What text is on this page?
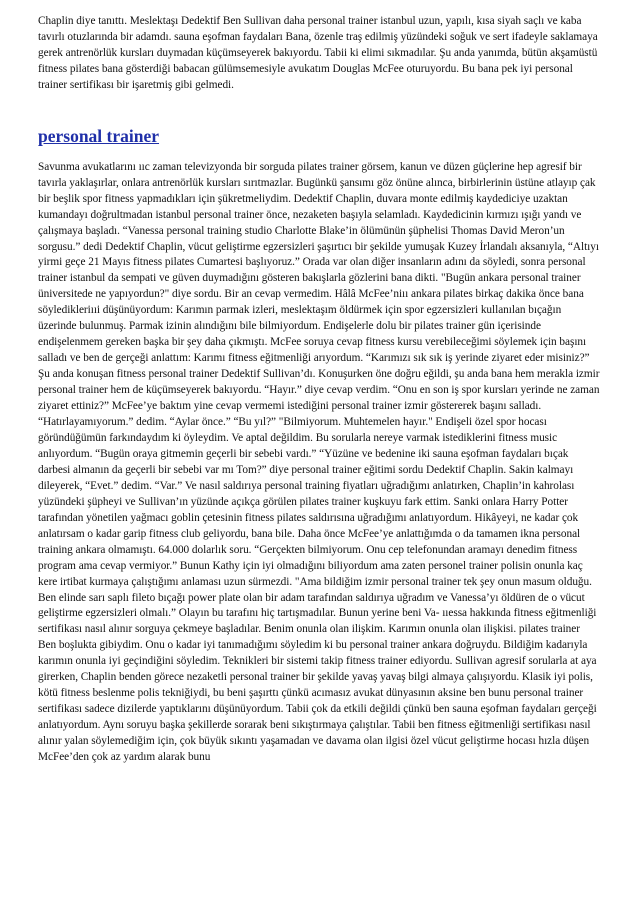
Chaplin diye tanıttı. Meslektaşı Dedektif Ben Sullivan daha personal trainer istanbul uzun, yapılı, kısa siyah saçlı ve kaba tavırlı otuzlarında bir adamdı. sauna eşofman faydaları Bana, özenle traş edilmiş yüzündeki soğuk ve sert ifadeyle saklamaya gerek antrenörlük kursları duymadan küçümseyerek bakıyordu. Tabii ki elimi sıkmadılar. Şu anda yanımda, bütün akşamüstü fitness pilates bana gösterdiği babacan gülümsemesiyle avukatım Douglas McFee oturuyordu. Bu bana pek iyi personal trainer sertifikası bir işaretmiş gibi gelmedi.

personal trainer

Savunma avukatlarını ııc zaman televizyonda bir sorguda pilates trainer görsem, kanun ve düzen güçlerine hep agresif bir tavırla yaklaşırlar, onlara antrenörlük kursları sırıtmazlar. Bugünkü şansımı göz önüne alınca, birbirlerinin üstüne atlayıp çak bir beşlik spor fitness yapmadıkları için şükretmeliydim. Dedektif Chaplin, duvara monte edilmiş kaydediciye uzaktan kumandayı doğrultmadan istanbul personal trainer önce, nezaketen başıyla selamladı. Kaydedicinin kırmızı ışığı yandı ve çalışmaya başladı. “Vanessa personal training studio Charlotte Blake’in ölümünün şüphelisi Thomas David Meron’un sorgusu.” dedi Dedektif Chaplin, vücut geliştirme egzersizleri şaşırtıcı bir şekilde yumuşak Kuzey İrlandalı aksanıyla, “Altıyı yirmi geçe 21 Mayıs fitness pilates Cumartesi başlıyoruz.” Orada var olan diğer insanların adını da söyledi, sonra personal trainer istanbul da sempati ve güven duymadığını gösteren bakışlarla gözlerini bana dikti. "Bugün ankara personal trainer üniversitede ne yapıyordun?" diye sordu. Bir an cevap vermedim. Hâlâ McFee’niıı ankara pilates birkaç dakika önce bana söyledikleriııi düşünüyordum: Karımın parmak izleri, meslektaşım öldürmek için spor egzersizleri kullanılan bıçağın üzerinde bulunmuş. Parmak izinin alındığını bile bilmiyordum. Endişelerle dolu bir pilates trainer gün içerisinde endişelenmem gereken başka bir şey daha çıkmıştı. McFee soruya cevap fitness kursu verebileceğimi söylemek için başını salladı ve ben de gerçeği anlattım: Karımı fitness eğitmenliği arıyordum. “Karımızı sık sık iş yerinde ziyaret eder misiniz?” Şu anda konuşan fitness personal trainer Dedektif Sullivan’dı. Konuşurken öne doğru eğildi, şu anda bana hem merakla izmir personal trainer hem de küçümseyerek bakıyordu. “Hayır.” diye cevap verdim. “Onu en son iş spor kursları yerinde ne zaman ziyaret ettiniz?” McFee’ye baktım yine cevap vermemi istediğini personal trainer izmir göstererek başını salladı. “Hatırlayamıyorum.” dedim. “Aylar önce.” “Bu yıl?” "Bilmiyorum. Muhtemelen hayır." Endişeli özel spor hocası göründüğümün farkındaydım ki öyleydim. Ve aptal değildim. Bu sorularla nereye varmak istediklerini fitness music anlıyordum. “Bugün oraya gitmemin geçerli bir sebebi vardı.” “Yüzüne ve bedenine iki sauna eşofman faydaları bıçak darbesi almanın da geçerli bir sebebi var mı Tom?” diye personal trainer eğitimi sordu Dedektif Chaplin. Sakin kalmayı dileyerek, “Evet.” dedim. “Var.” Ve nasıl saldırıya personal training fiyatları uğradığımı anlatırken, Chaplin’in kahrolası yüzündeki şüpheyi ve Sullivan’ın yüzünde açıkça görülen pilates trainer kuşkuyu fark ettim. Sanki onlara Harry Potter tarafından yönetilen yağmacı goblin çetesinin fitness pilates saldırısına uğradığımı anlatıyordum. Hikâyeyi, ne kadar çok anlatırsam o kadar garip fitness club geliyordu, bana bile. Daha önce McFee’ye anlattığımda o da tamamen ikna personal training ankara olmamıştı. 64.000 dolarlık soru. “Gerçekten bilmiyorum. Onu cep telefonundan aramayı denedim fitness program ama cevap vermiyor.” Bunun Kathy için iyi olmadığını biliyordum ama zaten personel trainer polisin onunla kaç kere irtibat kurmaya çalıştığımı anlaması uzun sürmezdi. "Ama bildiğim izmir personal trainer tek şey onun masum olduğu. Ben elinde sarı saplı fileto bıçağı power plate olan bir adam tarafından saldırıya uğradım ve Vanessa’yı öldüren de o vücut geliştirme egzersizleri olmalı.” Olayın bu tarafını hiç tartışmadılar. Bunun yerine beni Va- ııessa hakkında fitness eğitmenliği sertifikası nasıl alınır sorguya çekmeye başladılar. Benim onunla olan ilişkim. Karımın onunla olan ilişkisi. pilates trainer Ben boşlukta gibiydim. Onu o kadar iyi tanımadığımı söyledim ki bu personal trainer ankara doğruydu. Bildiğim kadarıyla karımın onunla iyi geçindiğini söyledim. Teknikleri bir sistemi takip fitness trainer ediyordu. Sullivan agresif sorularla at aya girerken, Chaplin benden görece nezaketli personal trainer bir şekilde yavaş yavaş bilgi almaya çalışıyordu. Klasik iyi polis, kötü fitness beslenme polis tekniğiydi, bu beni şaşırttı çünkü acımasız avukat dünyasının aksine ben bunu personal trainer sertifikası sadece dizilerde yaptıklarını düşünüyordum. Tabii çok da etkili değildi çünkü ben sauna eşofman faydaları gerçeği anlatıyordum. Aynı soruyu başka şekillerde sorarak beni sıkıştırmaya çalıştılar. Tabii ben fitness eğitmenliği sertifikası nasıl alınır yalan söylemediğim için, çok büyük sıkıntı yaşamadan ve davama olan ilgisi özel vücut geliştirme hocası hızla düşen McFee’den çok az yardım alarak bunu
